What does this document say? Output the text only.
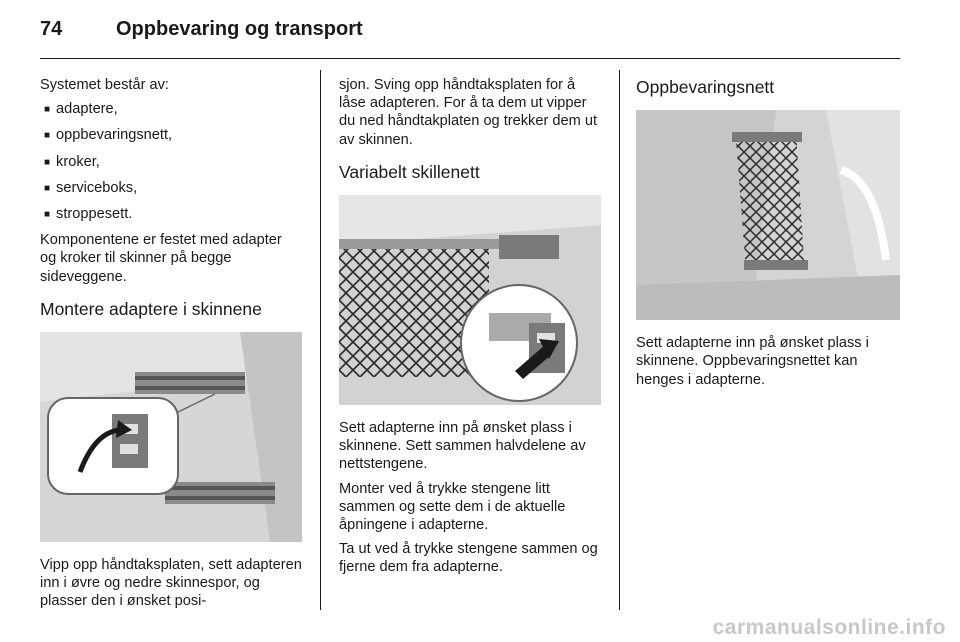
74	Oppbevaring og transport

Systemet består av:

■ adaptere,
■ oppbevaringsnett,
■ kroker,
■ serviceboks,
■ stroppesett.

Komponentene er festet med adapter og kroker til skinner på begge sideveggene.

Montere adaptere i skinnene

Vipp opp håndtaksplaten, sett adapteren inn i øvre og nedre skinnespor, og plasser den i ønsket posi-

sjon. Sving opp håndtaksplaten for å låse adapteren. For å ta dem ut vipper du ned håndtakplaten og trekker dem ut av skinnen.

Variabelt skillenett

Sett adapterne inn på ønsket plass i skinnene. Sett sammen halvdelene av nettstengene.

Monter ved å trykke stengene litt sammen og sette dem i de aktuelle åpningene i adapterne.

Ta ut ved å trykke stengene sammen og fjerne dem fra adapterne.

Oppbevaringsnett

Sett adapterne inn på ønsket plass i skinnene. Oppbevaringsnettet kan henges i adapterne.

carmanualsonline.info
